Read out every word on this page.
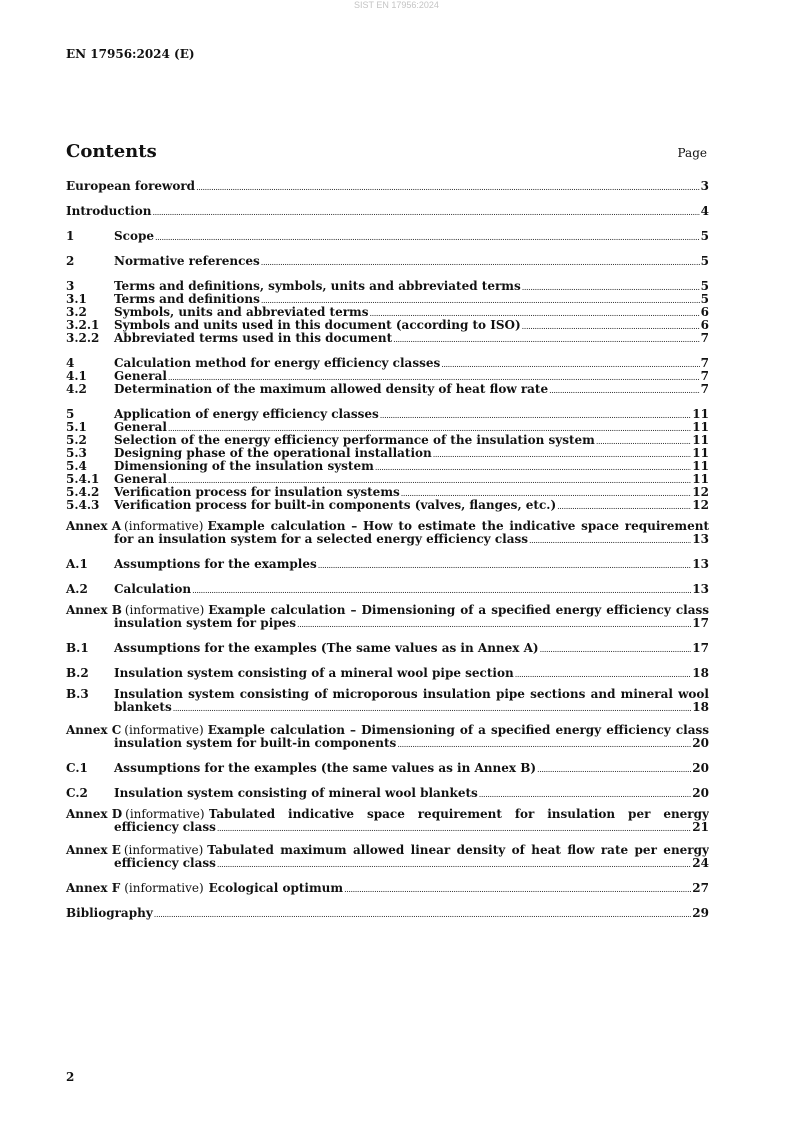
SIST EN 17956:2024
EN 17956:2024 (E)
Contents	Page
European foreword .....	3
Introduction .....	4
1	Scope .....	5
2	Normative references .....	5
3	Terms and definitions, symbols, units and abbreviated terms .....	5
3.1	Terms and definitions .....	5
3.2	Symbols, units and abbreviated terms .....	6
3.2.1	Symbols and units used in this document (according to ISO) .....	6
3.2.2	Abbreviated terms used in this document .....	7
4	Calculation method for energy efficiency classes .....	7
4.1	General .....	7
4.2	Determination of the maximum allowed density of heat flow rate .....	7
5	Application of energy efficiency classes .....	11
5.1	General .....	11
5.2	Selection of the energy efficiency performance of the insulation system .....	11
5.3	Designing phase of the operational installation .....	11
5.4	Dimensioning of the insulation system .....	11
5.4.1	General .....	11
5.4.2	Verification process for insulation systems .....	12
5.4.3	Verification process for built-in components (valves, flanges, etc.) .....	12
Annex A (informative) Example calculation – How to estimate the indicative space requirement
for an insulation system for a selected energy efficiency class .....	13
A.1	Assumptions for the examples .....	13
A.2	Calculation .....	13
Annex B (informative) Example calculation – Dimensioning of a specified energy efficiency class
insulation system for pipes .....	17
B.1	Assumptions for the examples (The same values as in Annex A) .....	17
B.2	Insulation system consisting of a mineral wool pipe section .....	18
B.3	Insulation system consisting of microporous insulation pipe sections and mineral wool
blankets .....	18
Annex C (informative) Example calculation – Dimensioning of a specified energy efficiency class
insulation system for built-in components .....	20
C.1	Assumptions for the examples (the same values as in Annex B) .....	20
C.2	Insulation system consisting of mineral wool blankets .....	20
Annex D (informative) Tabulated indicative space requirement for insulation per energy
efficiency class .....	21
Annex E (informative) Tabulated maximum allowed linear density of heat flow rate per energy
efficiency class .....	24
Annex F (informative) Ecological optimum .....	27
Bibliography .....	29
2
